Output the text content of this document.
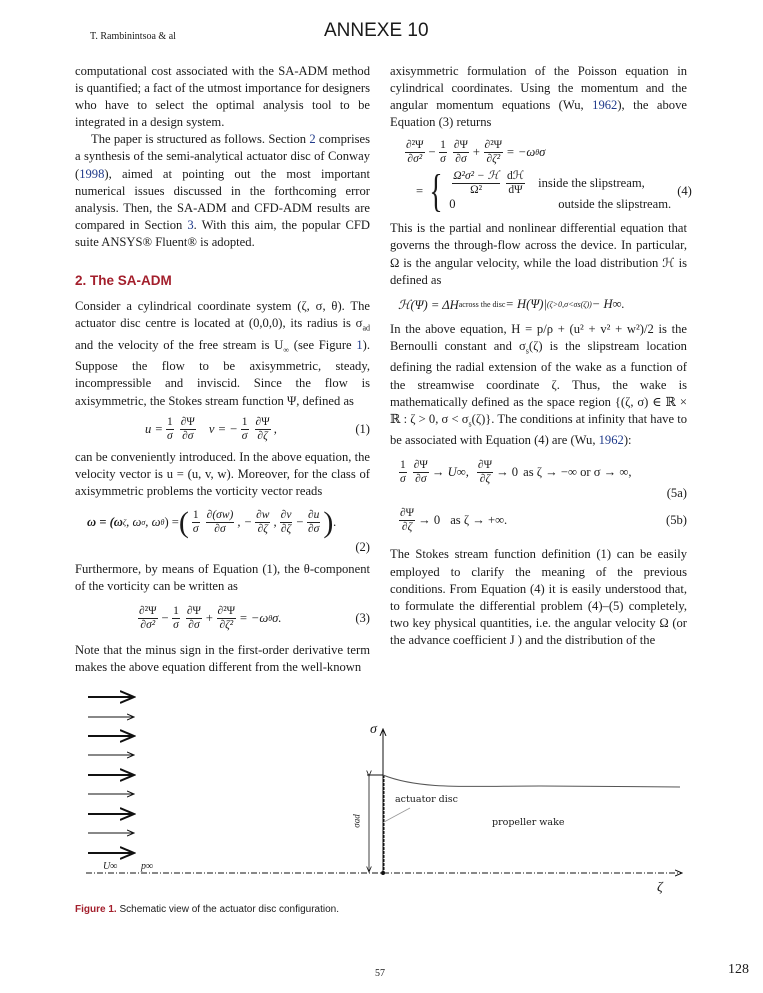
T. Rambinintsoa & al	ANNEXE 10
computational cost associated with the SA-ADM method is quantified; a fact of the utmost importance for designers who have to select the optimal analysis tool to be integrated in a design system.
The paper is structured as follows. Section 2 comprises a synthesis of the semi-analytical actuator disc of Conway (1998), aimed at pointing out the most important numerical issues discussed in the forthcoming error analysis. Then, the SA-ADM and CFD-ADM results are compared in Section 3. With this aim, the popular CFD suite ANSYS® Fluent® is adopted.
2. The SA-ADM
Consider a cylindrical coordinate system (ζ, σ, θ). The actuator disc centre is located at (0,0,0), its radius is $\sigma_{ad}$ and the velocity of the free stream is $U_\infty$ (see Figure 1). Suppose the flow to be axisymmetric, steady, incompressible and inviscid. Since the flow is axisymmetric, the Stokes stream function Ψ, defined as
$u = \frac{1}{\sigma} \frac{\partial\Psi}{\partial\sigma}$ v = − $\frac{1}{\sigma} \frac{\partial\Psi}{\partial\zeta}$ ,	(1)
can be conveniently introduced. In the above equation, the velocity vector is u = (u, v, w). Moreover, for the class of axisymmetric problems the vorticity vector reads
ω = (ω ζ , ω σ , ω θ ) = ( $\frac{1}{\sigma} \frac{\partial(\sigma w)}{\partial\sigma}$ , − $\frac{\partial w}{\partial\zeta}$ , $\frac{\partial v}{\partial\zeta} - \frac{\partial u}{\partial\sigma}$ ) .
(2)
Furthermore, by means of Equation (1), the θ-component of the vorticity can be written as
$\frac{\text{∂²Ψ}}{\text{∂σ²}} - \frac{1}{\sigma} \frac{\partial\Psi}{\partial\sigma} + \frac{\text{∂²Ψ}}{\text{∂ζ²}} = -\omega$ θ σ.	(3)
Note that the minus sign in the first-order derivative term makes the above equation different from the well-known
axisymmetric formulation of the Poisson equation in cylindrical coordinates. Using the momentum and the angular momentum equations (Wu, 1962), the above Equation (3) returns
$\frac{\text{∂²Ψ}}{\text{∂σ²}} - \frac{1}{\sigma} \frac{\partial\Psi}{\partial\sigma} + \frac{\text{∂²Ψ}}{\text{∂ζ²}} = -\omega$ θ σ
= { $\frac{\text{Ω²σ² − ℋ}}{\text{Ω²}} \frac{\text{dℋ}}{d\Psi}$ inside the slipstream,
0	outside the slipstream.
(4)
This is the partial and nonlinear differential equation that governs the through-flow across the device. In particular, Ω is the angular velocity, while the load distribution ℋ is defined as
ℋ(Ψ) = ΔH across the disc = H(Ψ)| (ζ>0,σ<σs(ζ)) − H∞.
In the above equation, H = p/ρ + (u² + v² + w²)/2 is the Bernoulli constant and $\sigma_s(\zeta)$ is the slipstream location defining the radial extension of the wake as a function of the streamwise coordinate ζ. Thus, the wake is mathematically defined as the space region {(ζ, σ) ∈ ℝ × ℝ : ζ > 0, $\sigma < \sigma_s(\zeta)$}. The conditions at infinity that have to be associated with Equation (4) are (Wu, 1962):
$\frac{1}{\sigma} \frac{\partial\Psi}{\partial\sigma} \to U\infty$, $\frac{\partial\Psi}{\partial\zeta} \to 0$ as ζ → −∞ or σ → ∞,
(5a)
$\frac{\partial\Psi}{\partial\zeta} \to 0$ as ζ → +∞.	(5b)
The Stokes stream function definition (1) can be easily employed to clarify the meaning of the previous conditions. From Equation (4) it is easily understood that, to formulate the differential problem (4)–(5) completely, two key physical quantities, i.e. the angular velocity Ω (or the advance coefficient J ) and the distribution of the
σ
σad
actuator disc
propeller wake
U∞ p∞
ζ
Figure 1. Schematic view of the actuator disc configuration.
57	128
